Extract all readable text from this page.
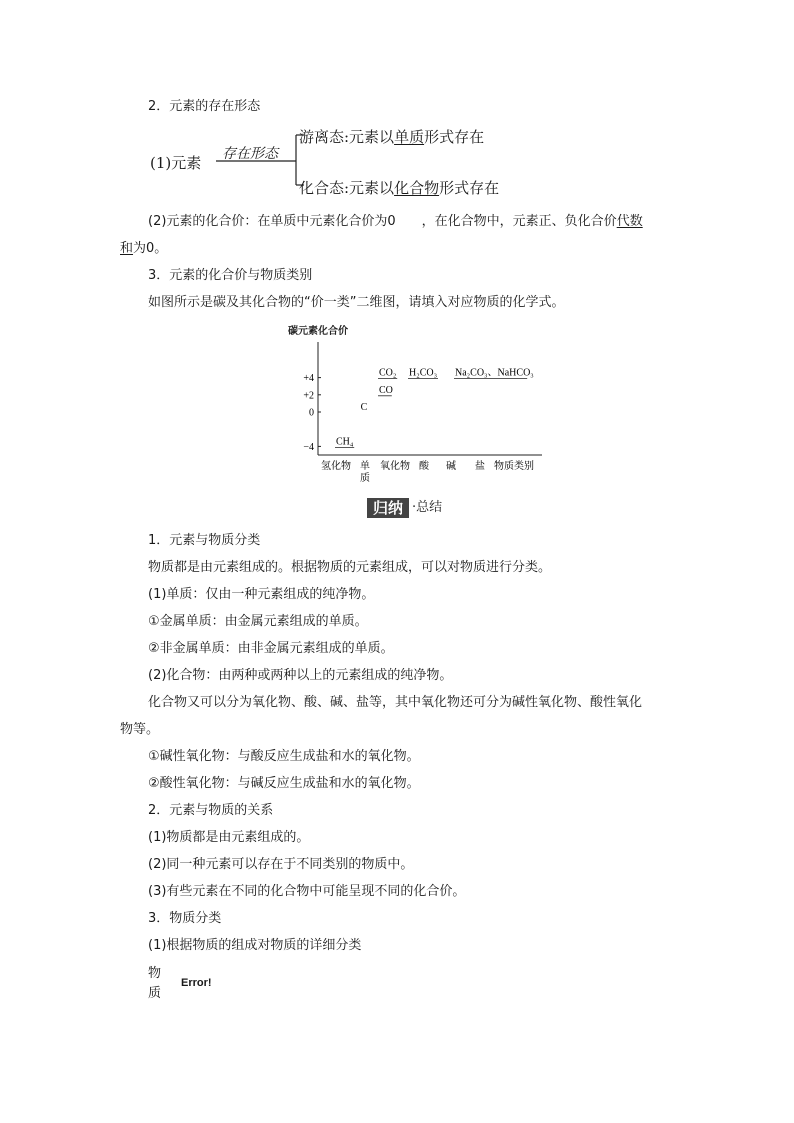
2．元素的存在形态
(1)元素 存在形态
游离态:元素以单质形式存在
化合态:元素以化合物形式存在
(2)元素的化合价：在单质中元素化合价为0　　，在化合物中，元素正、负化合价代数
和为0。
3．元素的化合价与物质类别
如图所示是碳及其化合物的“价一类”二维图，请填入对应物质的化学式。
碳元素化合价
+4
+2
0
−4
氢化物 单
质
氧化物 酸 碱 盐 物质类别
CH₄
C
CO₂
CO
H₂CO₃ Na₂CO₃、NaHCO₃
归纳 ·总结
1．元素与物质分类
物质都是由元素组成的。根据物质的元素组成，可以对物质进行分类。
(1)单质：仅由一种元素组成的纯净物。
①金属单质：由金属元素组成的单质。
②非金属单质：由非金属元素组成的单质。
(2)化合物：由两种或两种以上的元素组成的纯净物。
化合物又可以分为氧化物、酸、碱、盐等，其中氧化物还可分为碱性氧化物、酸性氧化
物等。
①碱性氧化物：与酸反应生成盐和水的氧化物。
②酸性氧化物：与碱反应生成盐和水的氧化物。
2．元素与物质的关系
(1)物质都是由元素组成的。
(2)同一种元素可以存在于不同类别的物质中。
(3)有些元素在不同的化合物中可能呈现不同的化合价。
3．物质分类
(1)根据物质的组成对物质的详细分类
物
质
Error!
